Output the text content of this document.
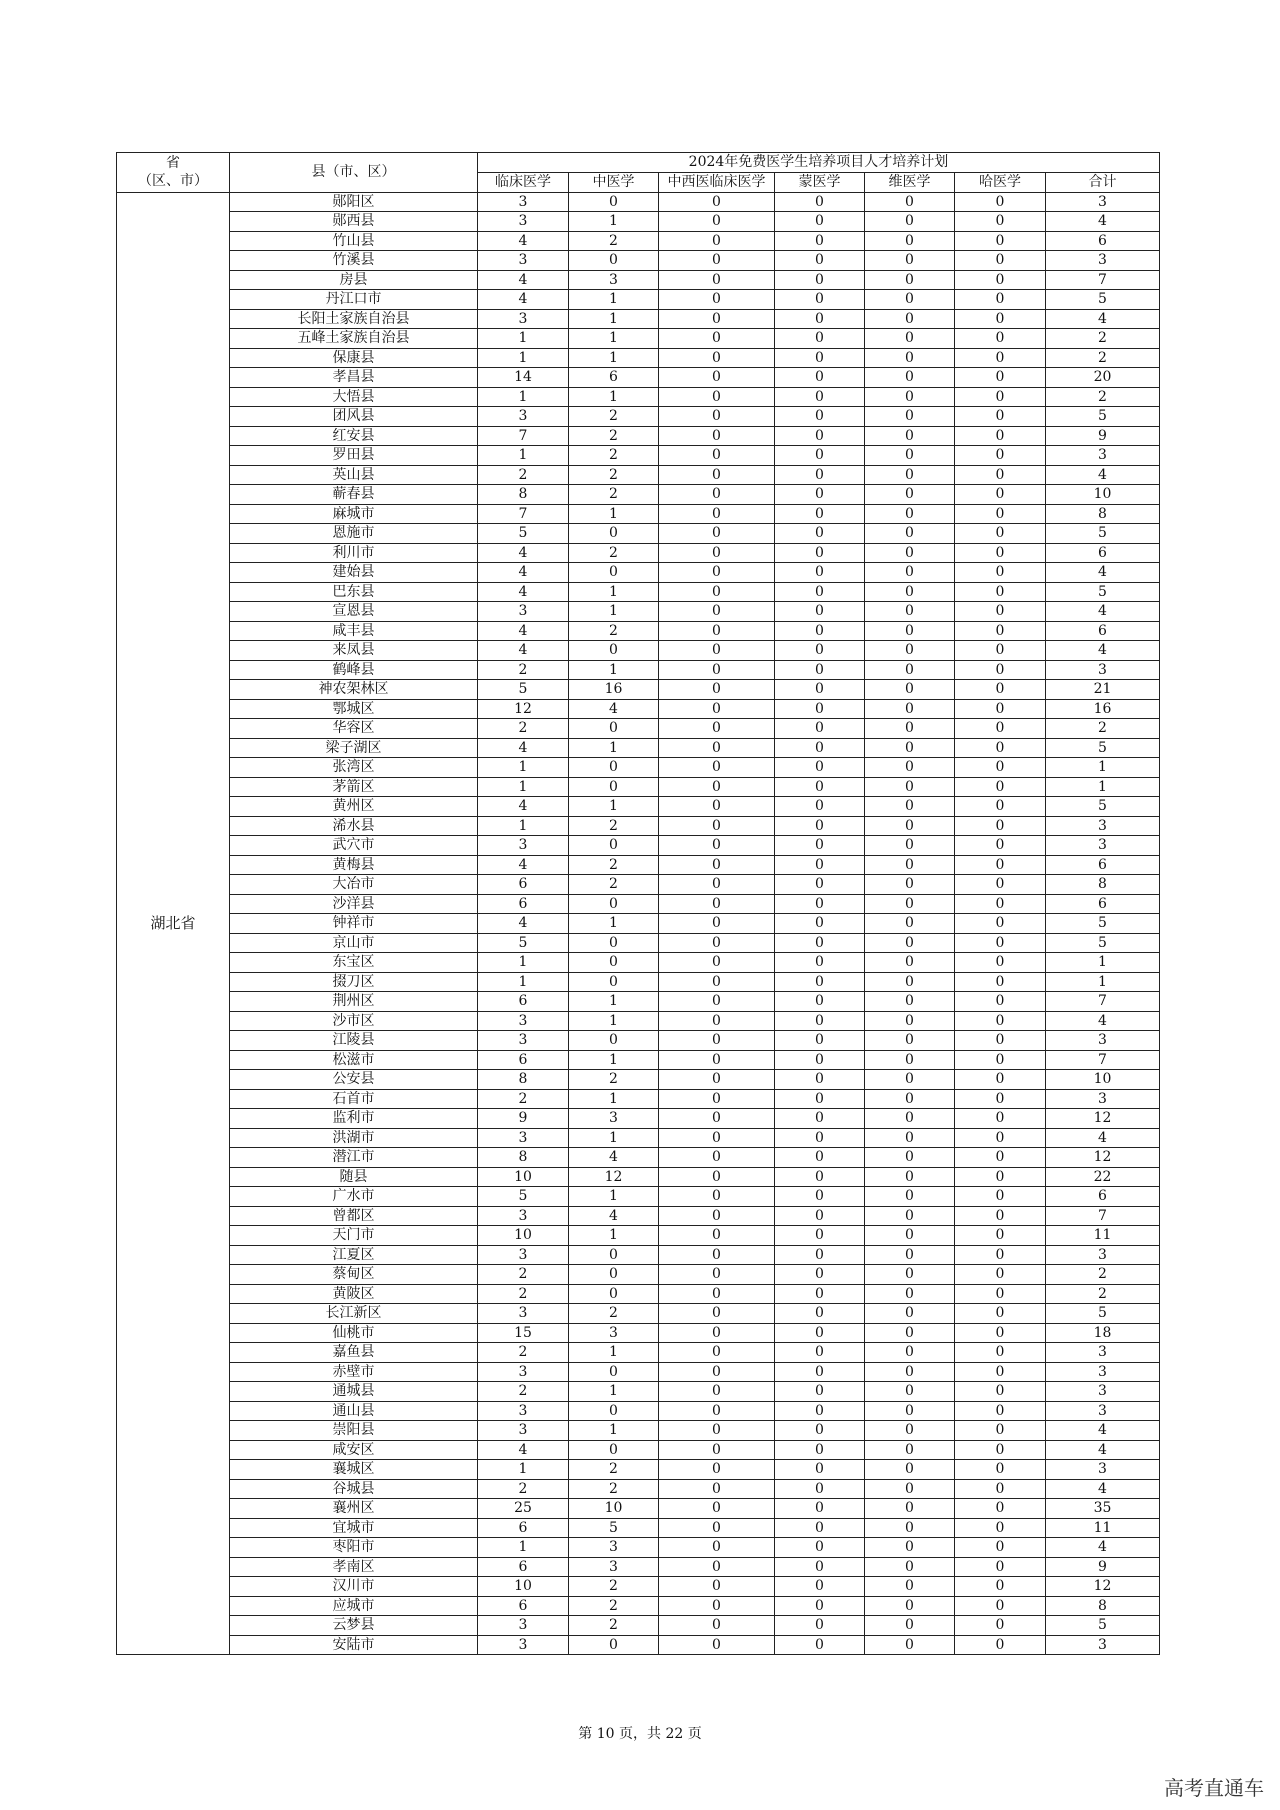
省
（区、市）	县（市、区）	2024年免费医学生培养项目人才培养计划						
		临床医学	中医学	中西医临床医学	蒙医学	维医学	哈医学	合计
湖北省	郧阳区	3	0	0	0	0	0	3
	郧西县	3	1	0	0	0	0	4
	竹山县	4	2	0	0	0	0	6
	竹溪县	3	0	0	0	0	0	3
	房县	4	3	0	0	0	0	7
	丹江口市	4	1	0	0	0	0	5
	长阳土家族自治县	3	1	0	0	0	0	4
	五峰土家族自治县	1	1	0	0	0	0	2
	保康县	1	1	0	0	0	0	2
	孝昌县	14	6	0	0	0	0	20
	大悟县	1	1	0	0	0	0	2
	团风县	3	2	0	0	0	0	5
	红安县	7	2	0	0	0	0	9
	罗田县	1	2	0	0	0	0	3
	英山县	2	2	0	0	0	0	4
	蕲春县	8	2	0	0	0	0	10
	麻城市	7	1	0	0	0	0	8
	恩施市	5	0	0	0	0	0	5
	利川市	4	2	0	0	0	0	6
	建始县	4	0	0	0	0	0	4
	巴东县	4	1	0	0	0	0	5
	宣恩县	3	1	0	0	0	0	4
	咸丰县	4	2	0	0	0	0	6
	来凤县	4	0	0	0	0	0	4
	鹤峰县	2	1	0	0	0	0	3
	神农架林区	5	16	0	0	0	0	21
	鄂城区	12	4	0	0	0	0	16
	华容区	2	0	0	0	0	0	2
	梁子湖区	4	1	0	0	0	0	5
	张湾区	1	0	0	0	0	0	1
	茅箭区	1	0	0	0	0	0	1
	黄州区	4	1	0	0	0	0	5
	浠水县	1	2	0	0	0	0	3
	武穴市	3	0	0	0	0	0	3
	黄梅县	4	2	0	0	0	0	6
	大冶市	6	2	0	0	0	0	8
	沙洋县	6	0	0	0	0	0	6
	钟祥市	4	1	0	0	0	0	5
	京山市	5	0	0	0	0	0	5
	东宝区	1	0	0	0	0	0	1
	掇刀区	1	0	0	0	0	0	1
	荆州区	6	1	0	0	0	0	7
	沙市区	3	1	0	0	0	0	4
	江陵县	3	0	0	0	0	0	3
	松滋市	6	1	0	0	0	0	7
	公安县	8	2	0	0	0	0	10
	石首市	2	1	0	0	0	0	3
	监利市	9	3	0	0	0	0	12
	洪湖市	3	1	0	0	0	0	4
	潜江市	8	4	0	0	0	0	12
	随县	10	12	0	0	0	0	22
	广水市	5	1	0	0	0	0	6
	曾都区	3	4	0	0	0	0	7
	天门市	10	1	0	0	0	0	11
	江夏区	3	0	0	0	0	0	3
	蔡甸区	2	0	0	0	0	0	2
	黄陂区	2	0	0	0	0	0	2
	长江新区	3	2	0	0	0	0	5
	仙桃市	15	3	0	0	0	0	18
	嘉鱼县	2	1	0	0	0	0	3
	赤壁市	3	0	0	0	0	0	3
	通城县	2	1	0	0	0	0	3
	通山县	3	0	0	0	0	0	3
	崇阳县	3	1	0	0	0	0	4
	咸安区	4	0	0	0	0	0	4
	襄城区	1	2	0	0	0	0	3
	谷城县	2	2	0	0	0	0	4
	襄州区	25	10	0	0	0	0	35
	宜城市	6	5	0	0	0	0	11
	枣阳市	1	3	0	0	0	0	4
	孝南区	6	3	0	0	0	0	9
	汉川市	10	2	0	0	0	0	12
	应城市	6	2	0	0	0	0	8
	云梦县	3	2	0	0	0	0	5
	安陆市	3	0	0	0	0	0	3
第 10 页，共 22 页
高考直通车
